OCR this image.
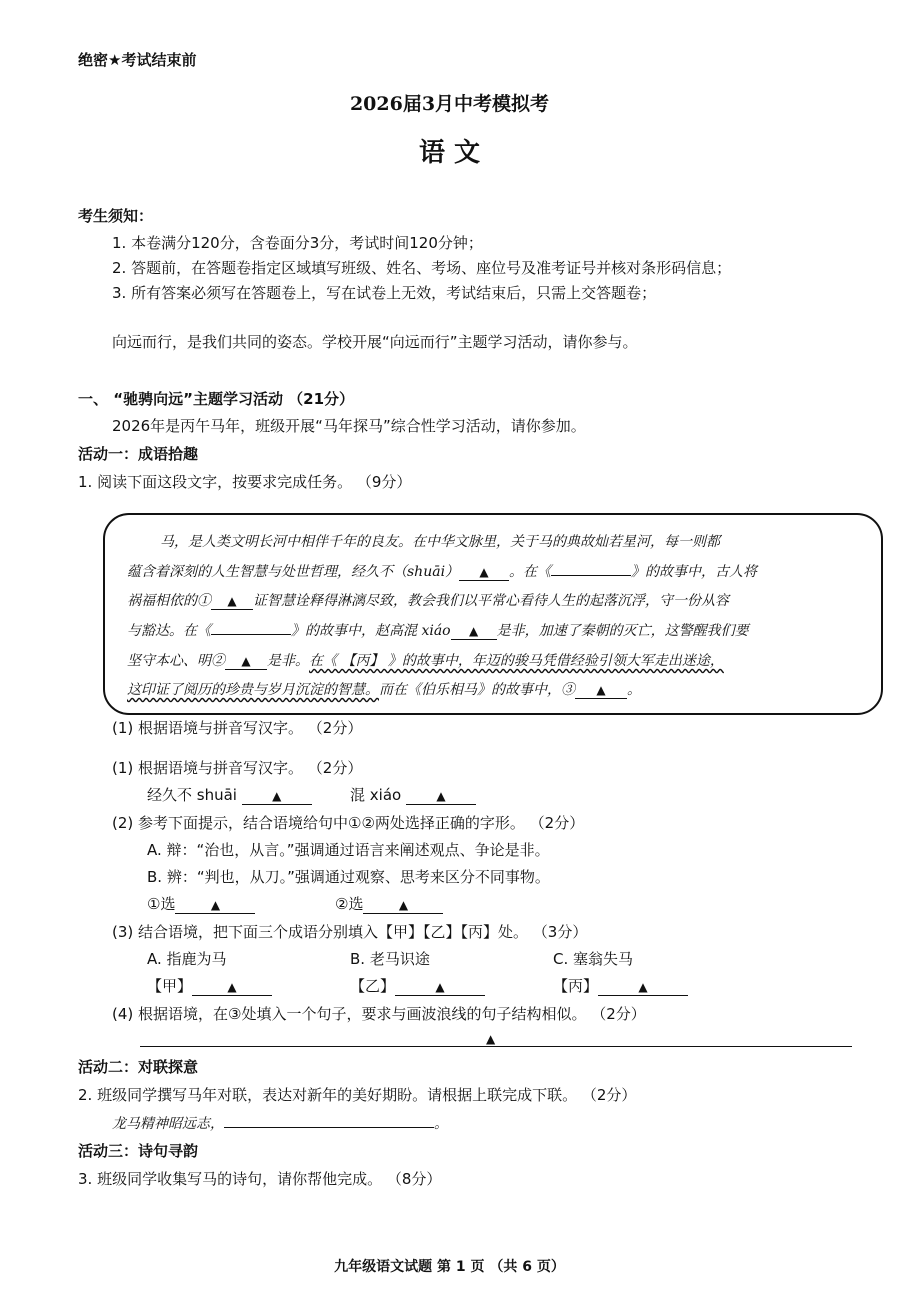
绝密★考试结束前
2026届3月中考模拟考
语 文
考生须知：
1. 本卷满分120分，含卷面分3分，考试时间120分钟；
2. 答题前，在答题卷指定区域填写班级、姓名、考场、座位号及准考证号并核对条形码信息；
3. 所有答案必须写在答题卷上，写在试卷上无效，考试结束后，只需上交答题卷；
向远而行，是我们共同的姿态。学校开展“向远而行”主题学习活动，请你参与。
一、 “驰骋向远”主题学习活动 （21分）
2026年是丙午马年，班级开展“马年探马”综合性学习活动，请你参加。
活动一：成语拾趣
1. 阅读下面这段文字，按要求完成任务。 （9分）
马，是人类文明长河中相伴千年的良友。在中华文脉里，关于马的典故灿若星河，每一则都
蕴含着深刻的人生智慧与处世哲理，经久不（shuāi） ▲ 。在《	》的故事中，古人将
祸福相依的① ▲ 证智慧诠释得淋漓尽致，教会我们以平常心看待人生的起落沉浮，守一份从容
与豁达。在《	》的故事中，赵高混 xiáo ▲ 是非，加速了秦朝的灭亡，这警醒我们要
坚守本心、明② ▲ 是非。在《 【丙】 》的故事中，年迈的骏马凭借经验引领大军走出迷途，
这印证了阅历的珍贵与岁月沉淀的智慧。而在《伯乐相马》的故事中，③ ▲ 。
(1) 根据语境与拼音写汉字。 （2分）
(1) 根据语境与拼音写汉字。 （2分）
经久不 shuāi	▲	混 xiáo	▲
(2) 参考下面提示，结合语境给句中①②两处选择正确的字形。 （2分）
A. 辩：“治也，从言。”强调通过语言来阐述观点、争论是非。
B. 辨：“判也，从刀。”强调通过观察、思考来区分不同事物。
①选	▲	②选	▲
(3) 结合语境，把下面三个成语分别填入【甲】【乙】【丙】处。 （3分）
A. 指鹿为马	B. 老马识途	C. 塞翁失马
【甲】	▲	【乙】	▲	【丙】	▲
(4) 根据语境，在③处填入一个句子，要求与画波浪线的句子结构相似。 （2分）
▲
活动二：对联探意
2. 班级同学撰写马年对联，表达对新年的美好期盼。请根据上联完成下联。 （2分）
龙马精神昭远志，	。
活动三：诗句寻韵
3. 班级同学收集写马的诗句，请你帮他完成。 （8分）
九年级语文试题 第 1 页 （共 6 页）
